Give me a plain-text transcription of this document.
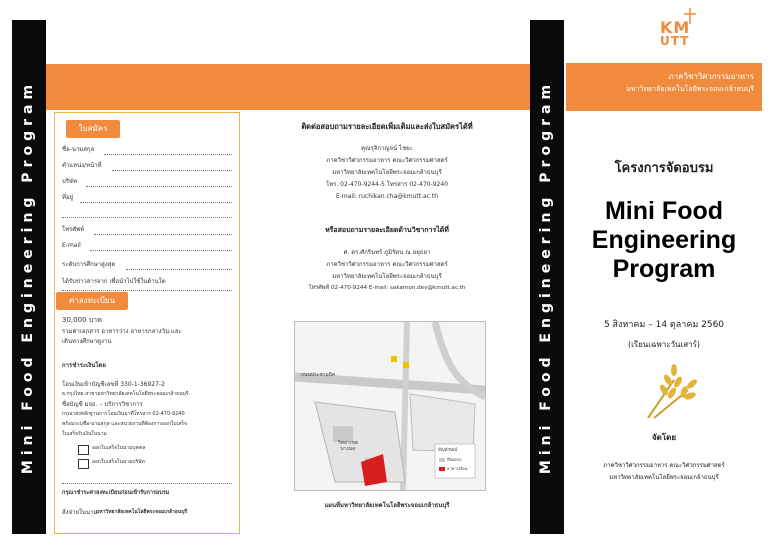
Mini Food Engineering Program	Mini Food Engineering Program
ใบสมัคร
ชื่อ-นามสกุล
ตำแหน่ง/หน้าที่
บริษัท
ที่อยู่
โทรศัพท์
E-mail
ระดับการศึกษาสูงสุด
ได้รับข่าวสารจาก เพื่อนำไปใช้ในด้านใด
ค่าลงทะเบียน
30,000 บาท
รวมค่าเอกสาร อาหารว่าง อาหารกลางวัน และ
เดินทางศึกษาดูงาน
การชำระเงินโดย
โอนเงินเข้าบัญชีเลขที่ 330-1-36927-2
ธ.กรุงไทย สาขามหาวิทยาลัยเทคโนโลยีพระจอมเกล้าธนบุรี
ชื่อบัญชี มจธ. – บริการวิชาการ
กรุณาส่งหลักฐานการโอนเงินมาที่โทรสาร 02-470-9240
พร้อมระบุชื่อ-นามสกุล และหน่วยงานที่ต้องการออกใบเสร็จ
ใบเสร็จรับเงินในนาม
ออกใบเสร็จในนามบุคคล
ออกใบเสร็จในนามบริษัท
กรุณาชำระค่าลงทะเบียนก่อนเข้ารับการอบรม
สั่งจ่ายในนาม
มหาวิทยาลัยเทคโนโลยีพระจอมเกล้าธนบุรี
ติดต่อสอบถามรายละเอียดเพิ่มเติมและส่งใบสมัครได้ที่
คุณรุจิกาญจน์ ไชยะ
ภาควิชาวิศวกรรมอาหาร คณะวิศวกรรมศาสตร์
มหาวิทยาลัยเทคโนโลยีพระจอมเกล้าธนบุรี
โทร. 02-470-9244-5 โทรสาร 02-470-9240
E-mail: ruchikan.cha@kmutt.ac.th
หรือสอบถามรายละเอียดด้านวิชาการได้ที่
ศ. ดร.ศักรินทร์ ภูมิรัตน ณ อยุธยา
ภาควิชาวิศวกรรมอาหาร คณะวิศวกรรมศาสตร์
มหาวิทยาลัยเทคโนโลยีพระจอมเกล้าธนบุรี
โทรศัพท์ 02-470-9244 E-mail: sakamon.dev@kmutt.ac.th
ถนนประชาอุทิศ
วิทยาเขต บางมด	สัญลักษณ์
ที่จอดรถ
อาคารเรียน
แผนที่มหาวิทยาลัยเทคโนโลยีพระจอมเกล้าธนบุรี
KM
UTT
ภาควิชาวิศวกรรมอาหาร
มหาวิทยาลัยเทคโนโลยีพระจอมเกล้าธนบุรี
โครงการจัดอบรม
Mini Food
Engineering
Program
5 สิงหาคม – 14 ตุลาคม 2560
(เรียนเฉพาะวันเสาร์)
จัดโดย
ภาควิชาวิศวกรรมอาหาร คณะวิศวกรรมศาสตร์
มหาวิทยาลัยเทคโนโลยีพระจอมเกล้าธนบุรี
